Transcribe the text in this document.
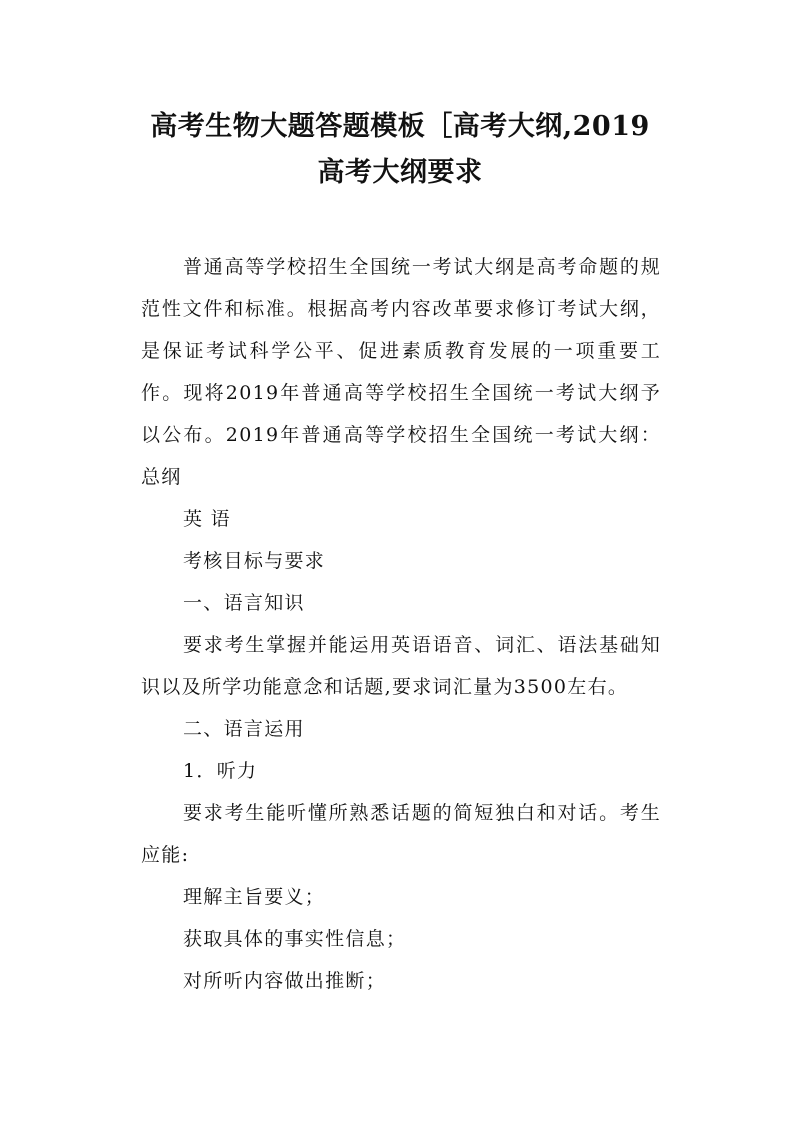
高考生物大题答题模板［高考大纲,2019
高考大纲要求

普通高等学校招生全国统一考试大纲是高考命题的规范性文件和标准。根据高考内容改革要求修订考试大纲，是保证考试科学公平、促进素质教育发展的一项重要工作。现将2019年普通高等学校招生全国统一考试大纲予以公布。2019年普通高等学校招生全国统一考试大纲：总纲

英 语

考核目标与要求

一、语言知识

要求考生掌握并能运用英语语音、词汇、语法基础知识以及所学功能意念和话题,要求词汇量为3500左右。

二、语言运用

1．听力

要求考生能听懂所熟悉话题的简短独白和对话。考生应能:

理解主旨要义；

获取具体的事实性信息；

对所听内容做出推断；
